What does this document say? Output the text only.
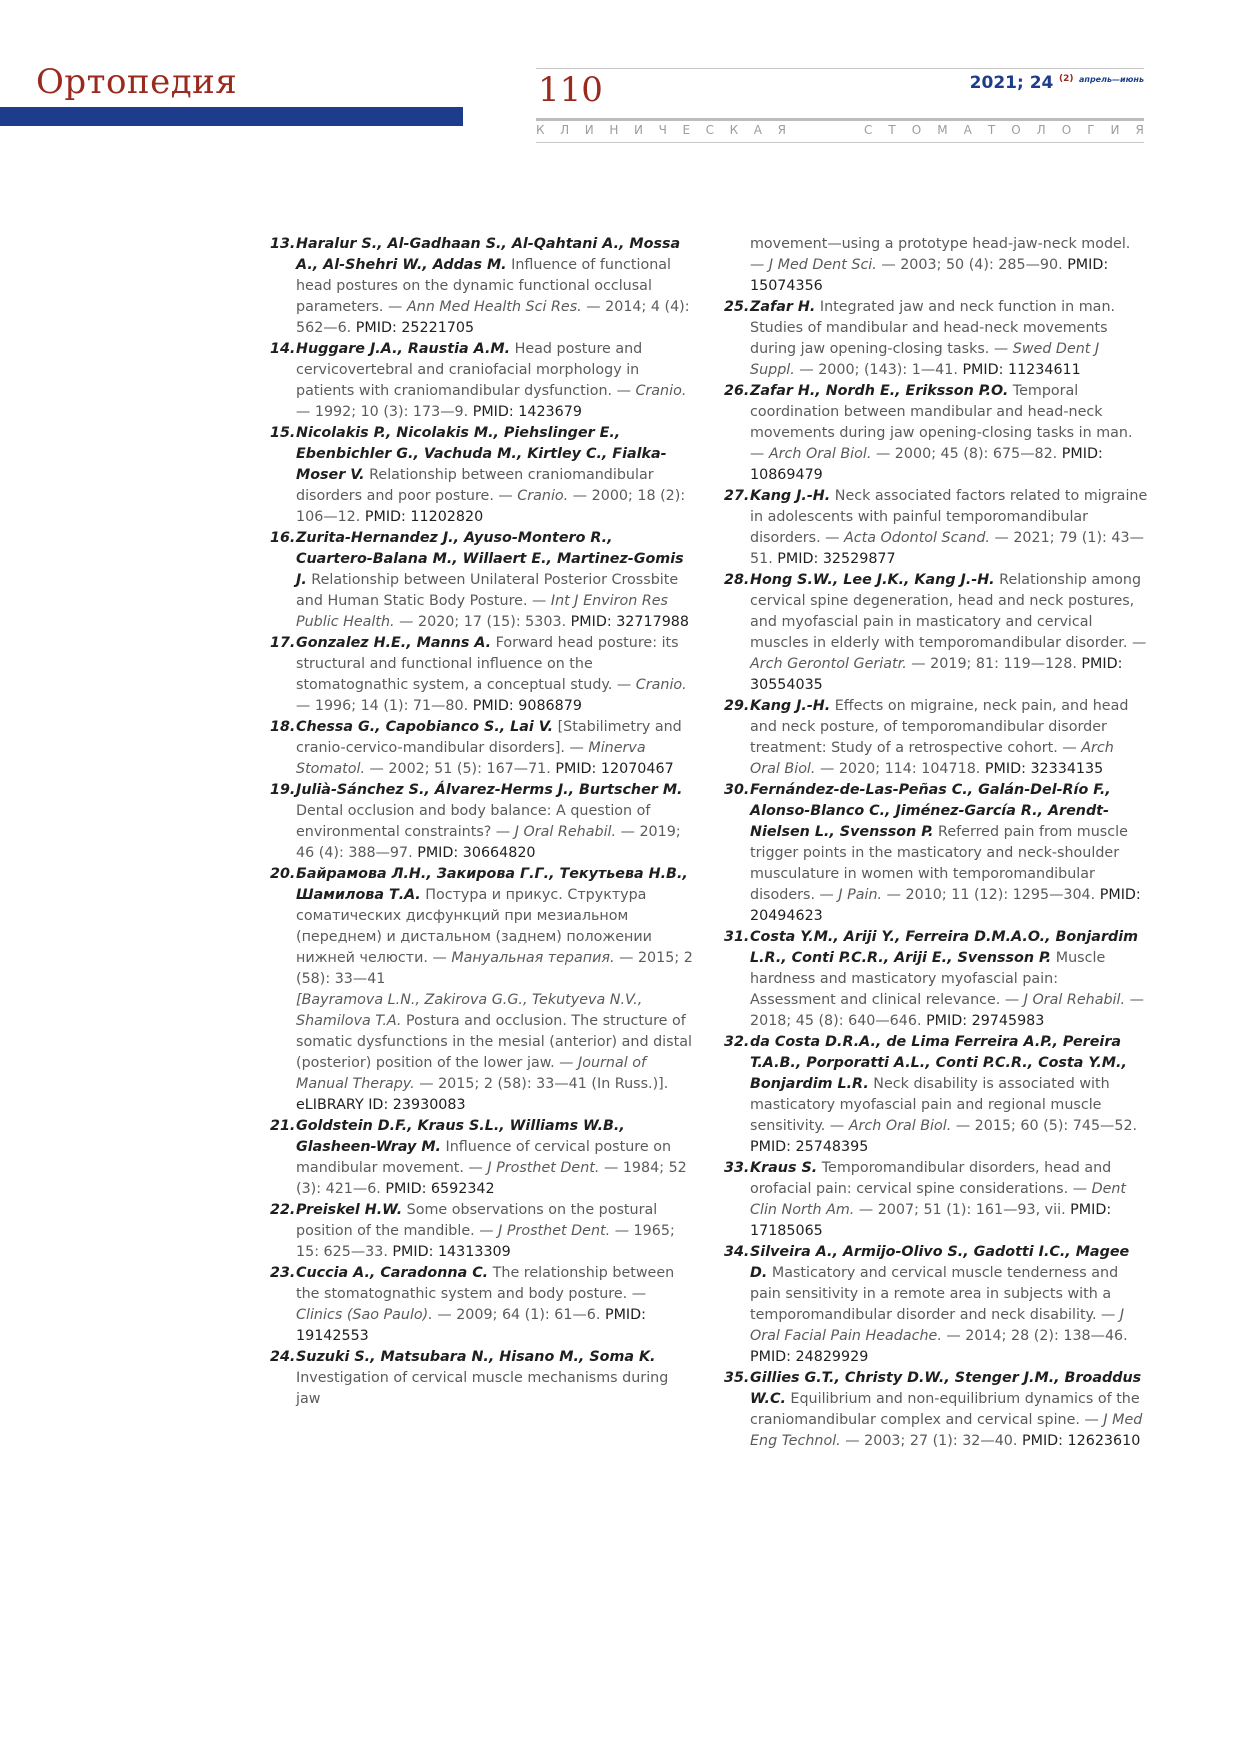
Ортопедия	110	2021; 24 $^{(2)}$ $^{апрель—июнь}$
К Л И Н И Ч Е С К А Я	С Т О М А Т О Л О Г И Я

13. Haralur S., Al-Gadhaan S., Al-Qahtani A., Mossa A., Al-Shehri W., Addas M. Influence of functional head postures on the dynamic functional occlusal parameters. — Ann Med Health Sci Res. — 2014; 4 (4): 562—6. PMID: 25221705

14. Huggare J.A., Raustia A.M. Head posture and cervicovertebral and craniofacial morphology in patients with craniomandibular dysfunction. — Cranio. — 1992; 10 (3): 173—9. PMID: 1423679

15. Nicolakis P., Nicolakis M., Piehslinger E., Ebenbichler G., Vachuda M., Kirtley C., Fialka-Moser V. Relationship between craniomandibular disorders and poor posture. — Cranio. — 2000; 18 (2): 106—12. PMID: 11202820

16. Zurita-Hernandez J., Ayuso-Montero R., Cuartero-Balana M., Willaert E., Martinez-Gomis J. Relationship between Unilateral Posterior Crossbite and Human Static Body Posture. — Int J Environ Res Public Health. — 2020; 17 (15): 5303. PMID: 32717988

17. Gonzalez H.E., Manns A. Forward head posture: its structural and functional influence on the stomatognathic system, a conceptual study. — Cranio. — 1996; 14 (1): 71—80. PMID: 9086879

18. Chessa G., Capobianco S., Lai V. [Stabilimetry and cranio-cervico-mandibular disorders]. — Minerva Stomatol. — 2002; 51 (5): 167—71. PMID: 12070467

19. Julià-Sánchez S., Álvarez-Herms J., Burtscher M. Dental occlusion and body balance: A question of environmental constraints? — J Oral Rehabil. — 2019; 46 (4): 388—97. PMID: 30664820

20. Байрамова Л.Н., Закирова Г.Г., Текутьева Н.В., Шамилова Т.А. Постура и прикус. Структура соматических дисфункций при мезиальном (переднем) и дистальном (заднем) положении нижней челюсти. — Мануальная терапия. — 2015; 2 (58): 33—41
[Bayramova L.N., Zakirova G.G., Tekutyeva N.V., Shamilova T.A. Postura and occlusion. The structure of somatic dysfunctions in the mesial (anterior) and distal (posterior) position of the lower jaw. — Journal of Manual Therapy. — 2015; 2 (58): 33—41 (In Russ.)]. eLIBRARY ID: 23930083

21. Goldstein D.F., Kraus S.L., Williams W.B., Glasheen-Wray M. Influence of cervical posture on mandibular movement. — J Prosthet Dent. — 1984; 52 (3): 421—6. PMID: 6592342

22. Preiskel H.W. Some observations on the postural position of the mandible. — J Prosthet Dent. — 1965; 15: 625—33. PMID: 14313309

23. Cuccia A., Caradonna C. The relationship between the stomatognathic system and body posture. — Clinics (Sao Paulo). — 2009; 64 (1): 61—6. PMID: 19142553

24. Suzuki S., Matsubara N., Hisano M., Soma K. Investigation of cervical muscle mechanisms during jaw

movement—using a prototype head-jaw-neck model. — J Med Dent Sci. — 2003; 50 (4): 285—90. PMID: 15074356

25. Zafar H. Integrated jaw and neck function in man. Studies of mandibular and head-neck movements during jaw opening-closing tasks. — Swed Dent J Suppl. — 2000; (143): 1—41. PMID: 11234611

26. Zafar H., Nordh E., Eriksson P.O. Temporal coordination between mandibular and head-neck movements during jaw opening-closing tasks in man. — Arch Oral Biol. — 2000; 45 (8): 675—82. PMID: 10869479

27. Kang J.-H. Neck associated factors related to migraine in adolescents with painful temporomandibular disorders. — Acta Odontol Scand. — 2021; 79 (1): 43—51. PMID: 32529877

28. Hong S.W., Lee J.K., Kang J.-H. Relationship among cervical spine degeneration, head and neck postures, and myofascial pain in masticatory and cervical muscles in elderly with temporomandibular disorder. — Arch Gerontol Geriatr. — 2019; 81: 119—128. PMID: 30554035

29. Kang J.-H. Effects on migraine, neck pain, and head and neck posture, of temporomandibular disorder treatment: Study of a retrospective cohort. — Arch Oral Biol. — 2020; 114: 104718. PMID: 32334135

30. Fernández-de-Las-Peñas C., Galán-Del-Río F., Alonso-Blanco C., Jiménez-García R., Arendt-Nielsen L., Svensson P. Referred pain from muscle trigger points in the masticatory and neck-shoulder musculature in women with temporomandibular disoders. — J Pain. — 2010; 11 (12): 1295—304. PMID: 20494623

31. Costa Y.M., Ariji Y., Ferreira D.M.A.O., Bonjardim L.R., Conti P.C.R., Ariji E., Svensson P. Muscle hardness and masticatory myofascial pain: Assessment and clinical relevance. — J Oral Rehabil. — 2018; 45 (8): 640—646. PMID: 29745983

32. da Costa D.R.A., de Lima Ferreira A.P., Pereira T.A.B., Porporatti A.L., Conti P.C.R., Costa Y.M., Bonjardim L.R. Neck disability is associated with masticatory myofascial pain and regional muscle sensitivity. — Arch Oral Biol. — 2015; 60 (5): 745—52. PMID: 25748395

33. Kraus S. Temporomandibular disorders, head and orofacial pain: cervical spine considerations. — Dent Clin North Am. — 2007; 51 (1): 161—93, vii. PMID: 17185065

34. Silveira A., Armijo-Olivo S., Gadotti I.C., Magee D. Masticatory and cervical muscle tenderness and pain sensitivity in a remote area in subjects with a temporomandibular disorder and neck disability. — J Oral Facial Pain Headache. — 2014; 28 (2): 138—46. PMID: 24829929

35. Gillies G.T., Christy D.W., Stenger J.M., Broaddus W.C. Equilibrium and non-equilibrium dynamics of the craniomandibular complex and cervical spine. — J Med Eng Technol. — 2003; 27 (1): 32—40. PMID: 12623610
